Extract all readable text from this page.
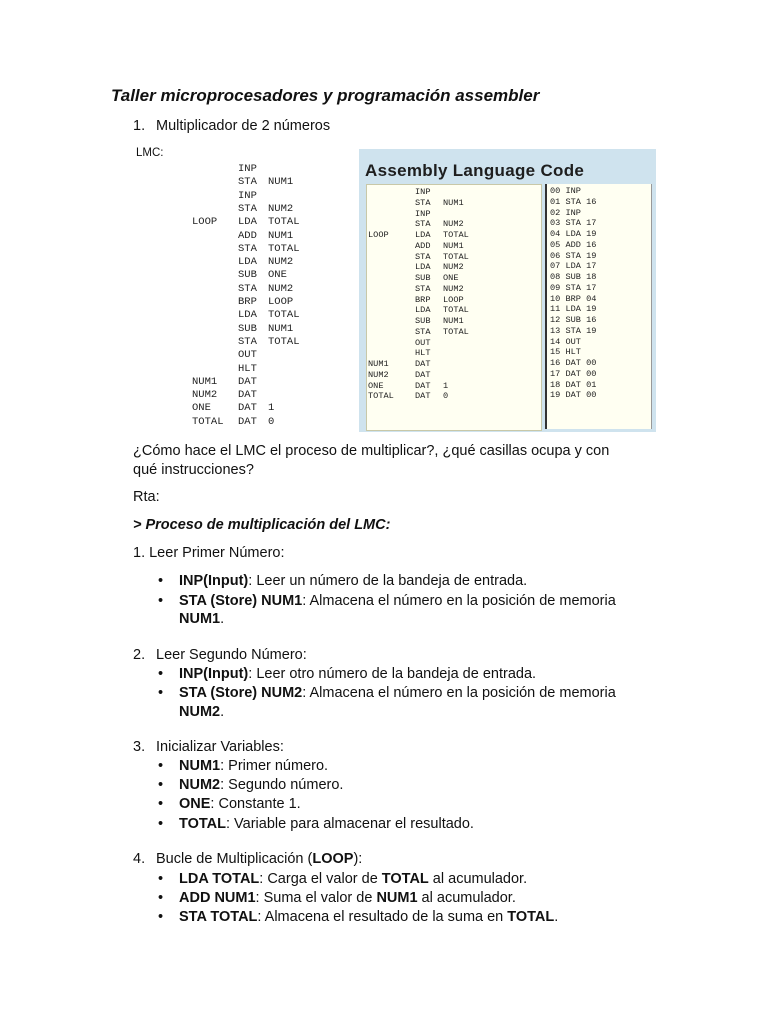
Taller microprocesadores y programación assembler
1. Multiplicador de 2 números
LMC:
INP
STA NUM1
INP
STA NUM2
LOOP LDA TOTAL
ADD NUM1
STA TOTAL
LDA NUM2
SUB ONE
STA NUM2
BRP LOOP
LDA TOTAL
SUB NUM1
STA TOTAL
OUT
HLT
NUM1 DAT
NUM2 DAT
ONE	DAT 1
TOTAL DAT 0
Assembly Language Code
INP
STA NUM1
INP
STA NUM2
LOOP	LDA TOTAL
ADD NUM1
STA TOTAL
LDA NUM2
SUB ONE
STA NUM2
BRP LOOP
LDA TOTAL
SUB NUM1
STA TOTAL
OUT
HLT
NUM1	DAT
NUM2	DAT
ONE	DAT 1
TOTAL DAT 0
00 INP
01 STA 16
02 INP
03 STA 17
04 LDA 19
05 ADD 16
06 STA 19
07 LDA 17
08 SUB 18
09 STA 17
10 BRP 04
11 LDA 19
12 SUB 16
13 STA 19
14 OUT
15 HLT
16 DAT 00
17 DAT 00
18 DAT 01
19 DAT 00
¿Cómo hace el LMC el proceso de multiplicar?, ¿qué casillas ocupa y con
qué instrucciones?
Rta:
> Proceso de multiplicación del LMC:
1. Leer Primer Número:
• INP(Input): Leer un número de la bandeja de entrada.
• STA (Store) NUM1: Almacena el número en la posición de memoria
NUM1.
2. Leer Segundo Número:
• INP(Input): Leer otro número de la bandeja de entrada.
• STA (Store) NUM2: Almacena el número en la posición de memoria
NUM2.
3. Inicializar Variables:
• NUM1: Primer número.
• NUM2: Segundo número.
• ONE: Constante 1.
• TOTAL: Variable para almacenar el resultado.
4. Bucle de Multiplicación (LOOP):
• LDA TOTAL: Carga el valor de TOTAL al acumulador.
• ADD NUM1: Suma el valor de NUM1 al acumulador.
• STA TOTAL: Almacena el resultado de la suma en TOTAL.
